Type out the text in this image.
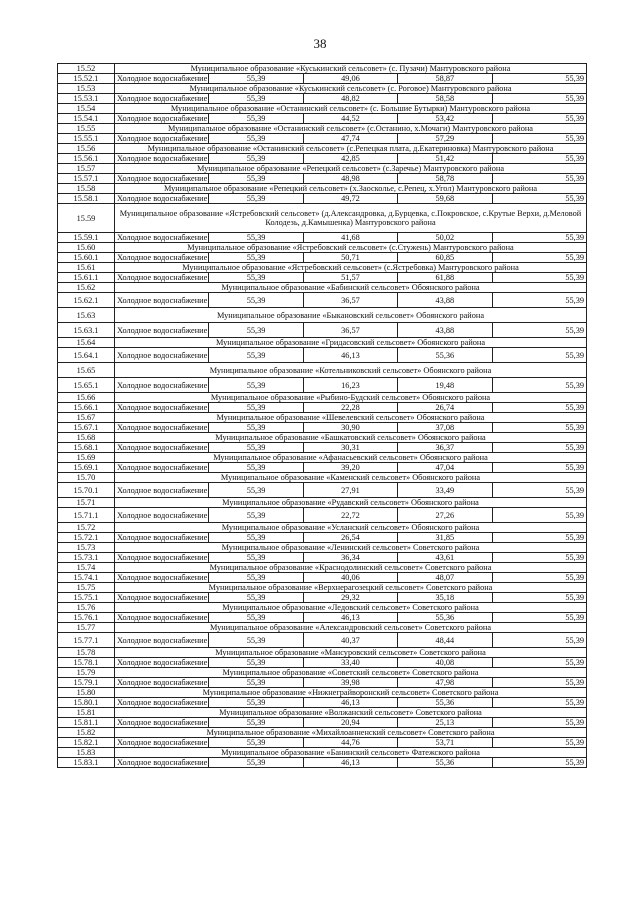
38
15.52	Муниципальное образование «Куськинский сельсовет» (с. Пузачи) Мантуровского района				
15.52.1	Холодное водоснабжение	55,39	49,06	58,87	55,39
15.53	Муниципальное образование «Куськинский сельсовет» (с. Роговое) Мантуровского района				
15.53.1	Холодное водоснабжение	55,39	48,82	58,58	55,39
15.54	Муниципальное образование «Останинский сельсовет» (с. Большие Бутырки) Мантуровского района				
15.54.1	Холодное водоснабжение	55,39	44,52	53,42	55,39
15.55	Муниципальное образование «Останинский сельсовет» (с.Останино, х.Мочаги) Мантуровского района				
15.55.1	Холодное водоснабжение	55,39	47,74	57,29	55,39
15.56	Муниципальное образование «Останинский сельсовет» (с.Репецкая плата, д.Екатериновка) Мантуровского района				
15.56.1	Холодное водоснабжение	55,39	42,85	51,42	55,39
15.57	Муниципальное образование «Репецкий сельсовет» (с.Заречье) Мантуровского района				
15.57.1	Холодное водоснабжение	55,39	48,98	58,78	55,39
15.58	Муниципальное образование «Репецкий сельсовет» (х.Заосколье, с.Репец, х.Угол) Мантуровского района				
15.58.1	Холодное водоснабжение	55,39	49,72	59,68	55,39
15.59	Муниципальное образование «Ястребовский сельсовет» (д.Александровка, д.Бурцевка, с.Покровское, с.Крутые Верхи, д.Меловой Колодезь, д.Камышенка) Мантуровского района				
15.59.1	Холодное водоснабжение	55,39	41,68	50,02	55,39
15.60	Муниципальное образование «Ястребовский сельсовет» (с.Стужень) Мантуровского района				
15.60.1	Холодное водоснабжение	55,39	50,71	60,85	55,39
15.61	Муниципальное образование «Ястребовский сельсовет» (с.Ястребовка) Мантуровского района				
15.61.1	Холодное водоснабжение	55,39	51,57	61,88	55,39
15.62	Муниципальное образование «Бабинский сельсовет» Обоянского района				
15.62.1	Холодное водоснабжение	55,39	36,57	43,88	55,39
15.63	Муниципальное образование «Быкановский сельсовет» Обоянского района				
15.63.1	Холодное водоснабжение	55,39	36,57	43,88	55,39
15.64	Муниципальное образование «Гридасовский сельсовет» Обоянского района				
15.64.1	Холодное водоснабжение	55,39	46,13	55,36	55,39
15.65	Муниципальное образование «Котельниковский сельсовет» Обоянского района				
15.65.1	Холодное водоснабжение	55,39	16,23	19,48	55,39
15.66	Муниципальное образование «Рыбино-Будский сельсовет» Обоянского района				
15.66.1	Холодное водоснабжение	55,39	22,28	26,74	55,39
15.67	Муниципальное образование «Шевелевский сельсовет» Обоянского района				
15.67.1	Холодное водоснабжение	55,39	30,90	37,08	55,39
15.68	Муниципальное образование «Башкатовский сельсовет» Обоянского района				
15.68.1	Холодное водоснабжение	55,39	30,31	36,37	55,39
15.69	Муниципальное образование «Афанасьевский сельсовет» Обоянского района				
15.69.1	Холодное водоснабжение	55,39	39,20	47,04	55,39
15.70	Муниципальное образование «Каменский сельсовет» Обоянского района				
15.70.1	Холодное водоснабжение	55,39	27,91	33,49	55,39
15.71	Муниципальное образование «Рудавский сельсовет» Обоянского района				
15.71.1	Холодное водоснабжение	55,39	22,72	27,26	55,39
15.72	Муниципальное образование «Усланский сельсовет» Обоянского района				
15.72.1	Холодное водоснабжение	55,39	26,54	31,85	55,39
15.73	Муниципальное образование «Ленинский сельсовет» Советского района				
15.73.1	Холодное водоснабжение	55,39	36,34	43,61	55,39
15.74	Муниципальное образование «Краснодолинский сельсовет» Советского района				
15.74.1	Холодное водоснабжение	55,39	40,06	48,07	55,39
15.75	Муниципальное образование «Верхнерагозецкий сельсовет» Советского района				
15.75.1	Холодное водоснабжение	55,39	29,32	35,18	55,39
15.76	Муниципальное образование «Ледовский сельсовет» Советского района				
15.76.1	Холодное водоснабжение	55,39	46,13	55,36	55,39
15.77	Муниципальное образование «Александровский сельсовет» Советского района				
15.77.1	Холодное водоснабжение	55,39	40,37	48,44	55,39
15.78	Муниципальное образование «Мансуровский сельсовет» Советского района				
15.78.1	Холодное водоснабжение	55,39	33,40	40,08	55,39
15.79	Муниципальное образование «Советский сельсовет» Советского района				
15.79.1	Холодное водоснабжение	55,39	39,98	47,98	55,39
15.80	Муниципальное образование «Нижнеграйворонский сельсовет» Советского района				
15.80.1	Холодное водоснабжение	55,39	46,13	55,36	55,39
15.81	Муниципальное образование «Волжанский сельсовет» Советского района				
15.81.1	Холодное водоснабжение	55,39	20,94	25,13	55,39
15.82	Муниципальное образование «Михайлоанненский сельсовет» Советского района				
15.82.1	Холодное водоснабжение	55,39	44,76	53,71	55,39
15.83	Муниципальное образование «Банинский сельсовет» Фатежского района				
15.83.1	Холодное водоснабжение	55,39	46,13	55,36	55,39
